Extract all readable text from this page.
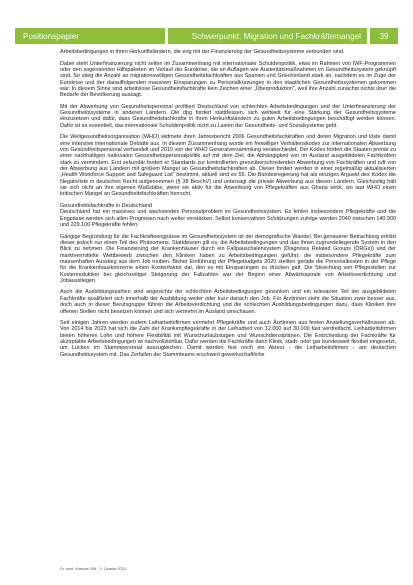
Positionspapier	Schwerpunkt: Migration und Fachkräftemangel	39

Arbeitsbedingungen in ihren Herkunftsländern, die eng mit der Finanzierung der Gesundheitssysteme verbunden sind.

Dabei steht Unterfinanzierung nicht selten im Zusammenhang mit internationaler Schuldenpolitik, etwa im Rahmen von IWF-Programmen oder den sogenannten Hilfspaketen im Verlauf der Eurokrise, die an Auflagen wie Austeritätsmaßnahmen im Gesundheitssystem geknüpft sind. So stieg die Anzahl an migrationswilligen Gesundheitsfachkräften aus Spanien und Griechenland stark an, nachdem es im Zuge der Eurokrise und der darauffolgenden massiven Einsparungen zu Personalkürzungen in den staatlichen Gesundheitssystemen gekommen war. In diesem Sinne sind arbeitslose Gesundheitsfachkräfte kein Zeichen einer „Überproduktion“, weil ihre Anzahl zunächst nichts über die Bedarfe der Bevölkerung aussagt.

Mit der Abwerbung von Gesundheitspersonal profitiert Deutschland von schlechten Arbeitsbedingungen und der Unterfinanzierung der Gesundheitssysteme in anderen Ländern. Die dpg fordert stattdessen, sich weltweit für eine Stärkung der Gesundheitssysteme einzusetzen und dafür, dass Gesundheitsfachkräfte in ihren Herkunftsländern zu guten Arbeitsbedingungen beschäftigt werden können. Dafür ist es essentiell, das internationale Schuldenpolitik nicht zu Lasten der Gesundheits- und Sozialsysteme geht.

Die Weltgesundheitsorganisation (WHO) widmete ihren Jahresbericht 2006 Gesundheitsfachkräften und deren Migration und löste damit eine intensive internationale Debatte aus. In diesem Zusammenhang wurde ein freiwilliger Verhaltenskodex zur internationalen Abwerbung von Gesundheitspersonal verhandelt und 2010 von der WHO Generalversammlung verabschiedet. Der Kodex fordert die Staaten primär zu einer nachhaltigen nationalen Gesundheitspersonalpolitik auf mit dem Ziel, die Abhängigkeit von im Ausland ausgebildeten Fachkräften stark zu vermindern. Erst sekundär fordert er Standards zur kontrollierten grenzüberschreitenden Abwerbung von Fachkräften und ruft von der Abwerbung aus Ländern mit großem Mangel an Gesundheitsfachkräften ab. Dieser fordert werden in einer regelmäßig aktualisierten „Health Workforce Support and Safeguard List“ bestimmt, aktuell sind es 55. Die Bundesregierung hat als einziges Argueld des Kodex die Negativliste in deutsches Recht aufgenommen (§ 38 BeschV) und untersagt die private Abwerbung aus diesen Ländern. Gleichzeitig hält sie sich nicht an ihre eigenen Maßstäbe, wenn sie aktiv für die Anwerbung von Pflegekräften aus Ghana wirbt, wo laut WHO einen kritischen Mangel an Gesundheitsfachkräften herrscht.

Gesundheitsfachkräfte in Deutschland

Deutschland hat ein massives und wachsendes Personalproblem im Gesundheitssystem. Es fehlen insbesondere Pflegekräfte und die Engpässe werden sich allen Prognosen nach weiter verstärken. Selbst konservativen Schätzungen zufolge werden 2040 zwischen 140.900 und 229.100 Pflegekräfte fehlen.

Gängige Begründung für die Fachkräfteengpässe im Gesundheitssystem ist der demografische Wandel. Bei genauerer Betrachtung erklärt dieser jedoch nur einen Teil des Phänomens. Stattdessen gilt es, die Arbeitsbedingungen und das ihnen zugrundeliegende System in den Blick zu nehmen. Die Finanzierung der Krankenhäuser durch ein Fallpauschalensystem (Diagnosis Related Groups (DRGs)) und der marktvermittelte Wettbewerb zwischen den Kliniken haben zu Arbeitsbedingungen geführt, die insbesondere Pflegekräfte zum massenhaften Ausstieg aus dem Job treiben. Bisher Einführung der Pflegebudgets 2020 stellten gerade die Personalkosten in der Pflege für die Krankenhauskonzerne einen Kostenfaktor dar, den es mit Einsparungen zu drücken galt. Die Streichung von Pflegestellen zur Kostenreduktion bei gleichzeitiger Steigerung der Fallzahlen war der Beginn einer Abwärtsspirale von Arbeitsverdichtung und Jobausstiegen.

Auch die Ausbildungszahlen sind angesichts der schlechten Arbeitsbedingungen gesunken und ein relevanter Teil der ausgebildeten Fachkräfte qualifiziert sich innerhalb der Ausbildung weiter oder kurz danach den Job. Für Ärztinnen sieht die Situation zwar besser aus, doch auch in dieser Berufsgruppe führen die Arbeitsverdichtung und die schlechten Ausbildungsbedingungen dazu, dass Kliniken ihre offenen Stellen nicht besetzen können und sich vermehrt im Ausland umschauen.

Seit einigen Jahren werden zudem Leiharbeitsfirmen vermehrt Pflegekräfte und auch Ärztinnen aus festen Anstellungsverhältnissen ab. Von 2014 bis 2023 hat sich die Zahl der Krankenpflegekräfte in der Leiharbeit von 12.000 auf 30.000 fast verdreifacht. Leiharbeitsfirmen bieten höheren Lohn und höhere Flexibilität mit Wunschurlaubstagen und Wunschdienstplänen. Die Entscheidung der Fachkräfte für akzeptable Arbeitsbedingungen ist nachvollziehbar. Dafür werden die Fachkräfte dann Klinik, stadt- oder gar bundesweit flexibel eingesetzt, um Lücken im Stammpersonal auszugleichen. Damit werden fest noch ein Akteur - die Leiharbeitsfirmen - am deutschen Gesundheitssystem mit. Das Zerfallen der Stammteams erschwert gewerkschaftliche

Dr. med. Mabuse 268 · 2. Quartal 2024
